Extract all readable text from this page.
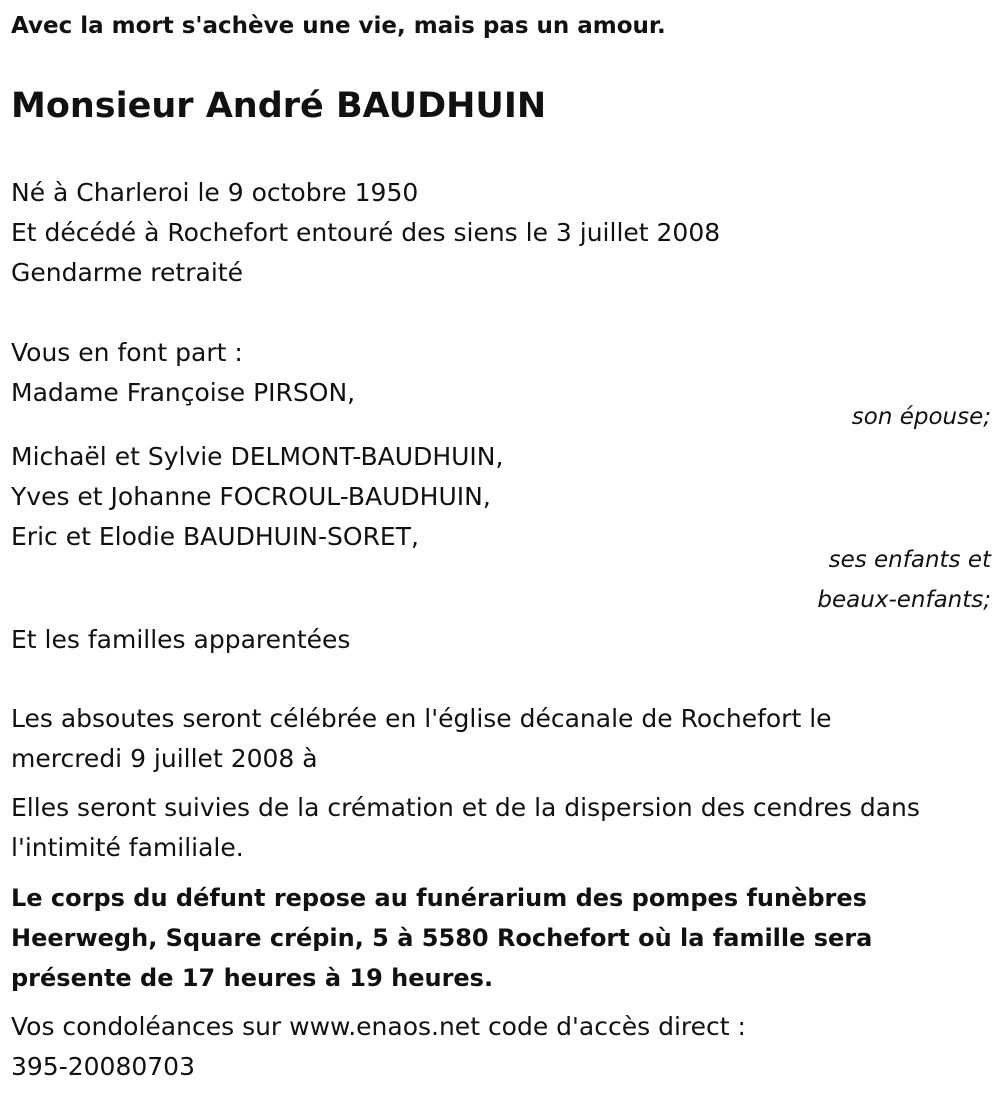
Avec la mort s'achève une vie, mais pas un amour.
Monsieur André BAUDHUIN
Né à Charleroi le 9 octobre 1950
Et décédé à Rochefort entouré des siens le 3 juillet 2008
Gendarme retraité
Vous en font part :
Madame Françoise PIRSON,
son épouse;
Michaël et Sylvie DELMONT-BAUDHUIN,
Yves et Johanne FOCROUL-BAUDHUIN,
Eric et Elodie BAUDHUIN-SORET,
ses enfants et
beaux-enfants;
Et les familles apparentées
Les absoutes seront célébrée en l'église décanale de Rochefort le
mercredi 9 juillet 2008 à
Elles seront suivies de la crémation et de la dispersion des cendres dans
l'intimité familiale.
Le corps du défunt repose au funérarium des pompes funèbres
Heerwegh, Square crépin, 5 à 5580 Rochefort où la famille sera
présente de 17 heures à 19 heures.
Vos condoléances sur www.enaos.net code d'accès direct :
395-20080703
